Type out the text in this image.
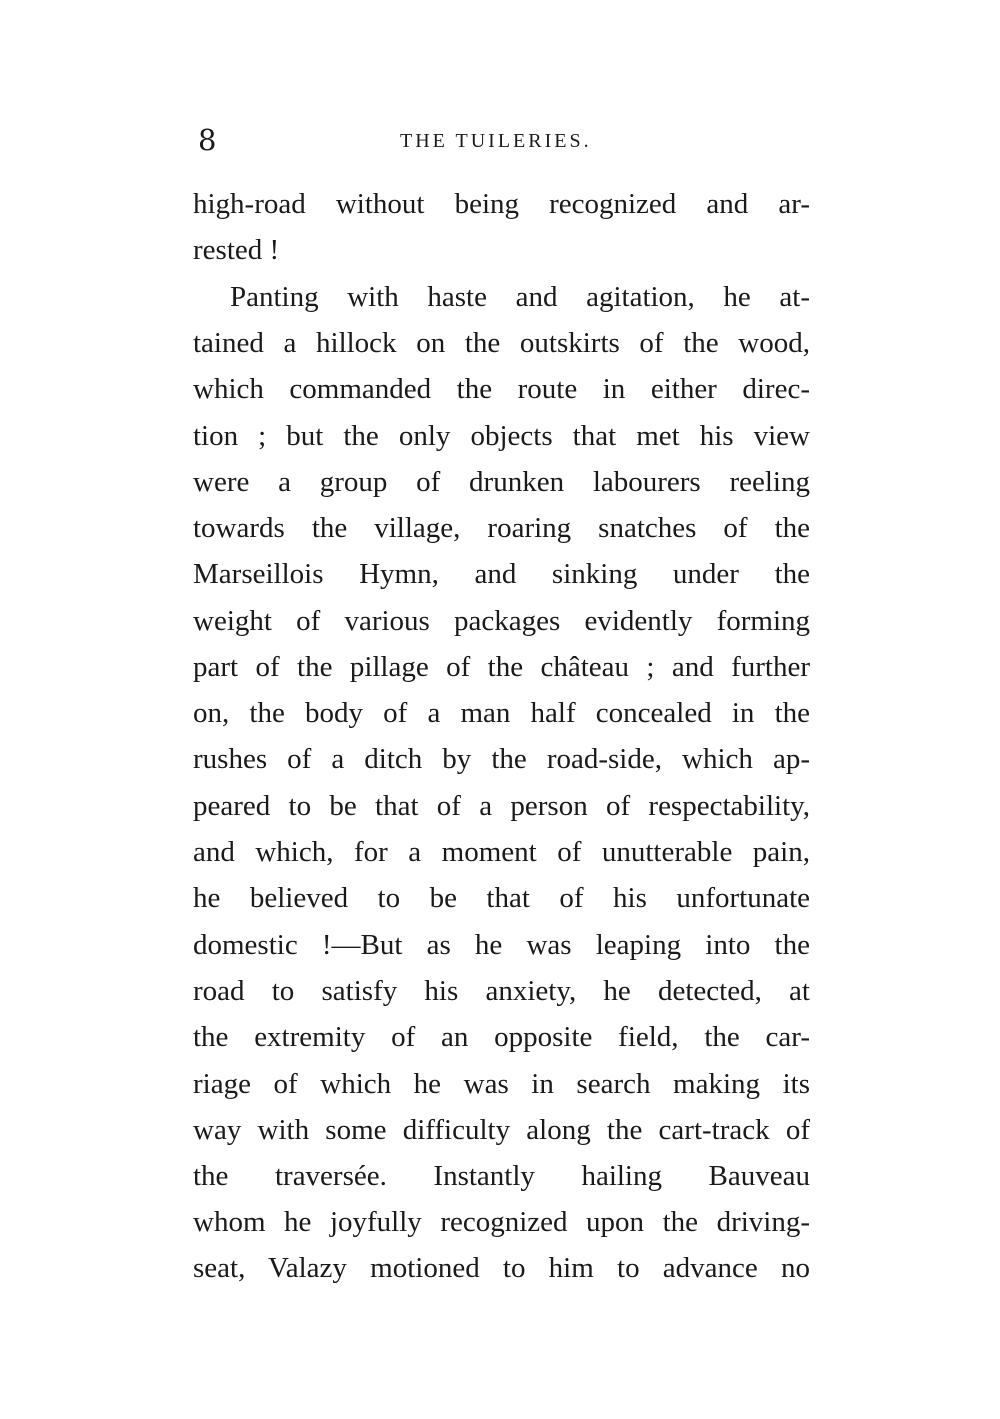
8	THE TUILERIES.
high-road without being recognized and ar-
rested !
Panting with haste and agitation, he at-
tained a hillock on the outskirts of the wood,
which commanded the route in either direc-
tion ; but the only objects that met his view
were a group of drunken labourers reeling
towards the village, roaring snatches of the
Marseillois Hymn, and sinking under the
weight of various packages evidently forming
part of the pillage of the château ; and further
on, the body of a man half concealed in the
rushes of a ditch by the road-side, which ap-
peared to be that of a person of respectability,
and which, for a moment of unutterable pain,
he believed to be that of his unfortunate
domestic !—But as he was leaping into the
road to satisfy his anxiety, he detected, at
the extremity of an opposite field, the car-
riage of which he was in search making its
way with some difficulty along the cart-track of
the traversée. Instantly hailing Bauveau
whom he joyfully recognized upon the driving-
seat, Valazy motioned to him to advance no
